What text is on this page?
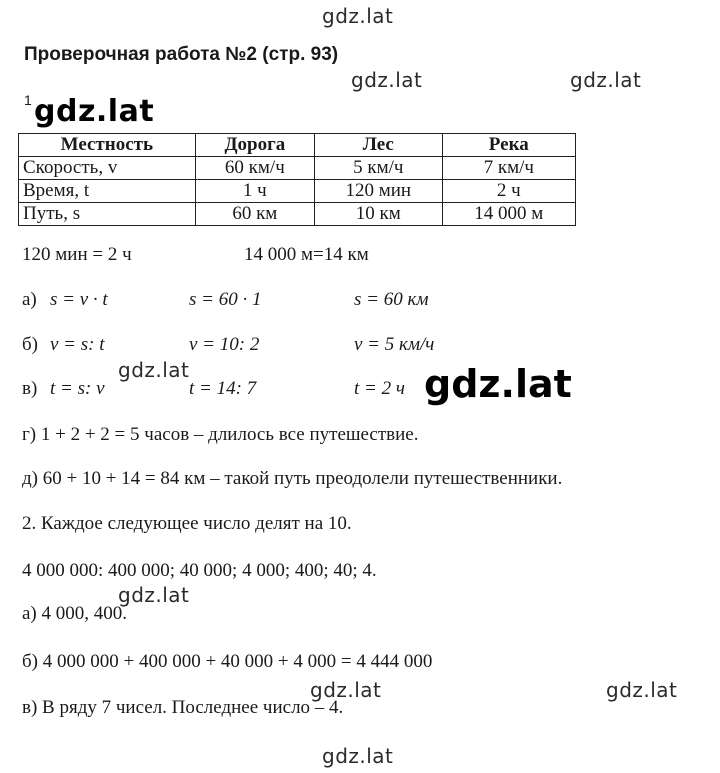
gdz.lat
gdz.lat	gdz.lat
Проверочная работа №2 (стр. 93)
1 gdz.lat
Местность	Дорога	Лес	Река
Скорость, v	60 км/ч	5 км/ч	7 км/ч
Время, t	1 ч	120 мин	2 ч
Путь, s	60 км	10 км	14 000 м
120 мин = 2 ч	14 000 м=14 км
а) s = v · t	s = 60 · 1	s = 60 км
б) v = s: t	v = 10: 2	v = 5 км/ч
gdz.lat
в) t = s: v	t = 14: 7	t = 2 ч gdz.lat
г) 1 + 2 + 2 = 5 часов – длилось все путешествие.
д) 60 + 10 + 14 = 84 км – такой путь преодолели путешественники.
2. Каждое следующее число делят на 10.
4 000 000: 400 000; 40 000; 4 000; 400; 40; 4.
gdz.lat
а) 4 000, 400.
б) 4 000 000 + 400 000 + 40 000 + 4 000 = 4 444 000
gdz.lat	gdz.lat
в) В ряду 7 чисел. Последнее число – 4.
gdz.lat
